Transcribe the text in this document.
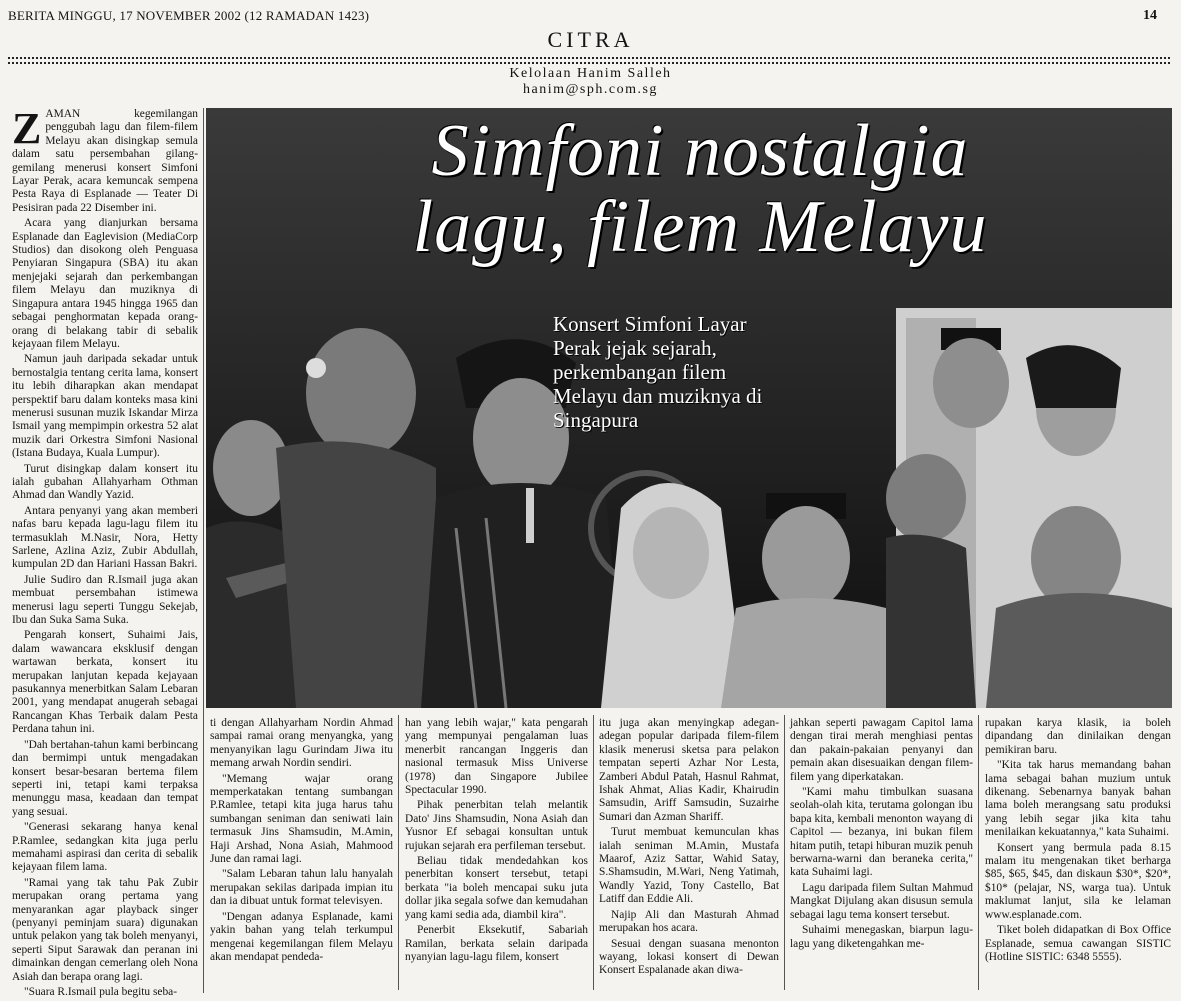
BERITA MINGGU, 17 NOVEMBER 2002 (12 RAMADAN 1423)	14
CITRA
Kelolaan Hanim Salleh
hanim@sph.com.sg
Simfoni nostalgia
lagu, filem Melayu
Konsert Simfoni Layar Perak jejak sejarah, perkembangan filem Melayu dan muziknya di Singapura

ZAMAN kegemilangan penggubah lagu dan filem-filem Melayu akan disingkap semula dalam satu persembahan gilang-gemilang menerusi konsert Simfoni Layar Perak, acara kemuncak sempena Pesta Raya di Esplanade — Teater Di Pesisiran pada 22 Disember ini.

Acara yang dianjurkan bersama Esplanade dan Eaglevision (MediaCorp Studios) dan disokong oleh Penguasa Penyiaran Singapura (SBA) itu akan menjejaki sejarah dan perkembangan filem Melayu dan muziknya di Singapura antara 1945 hingga 1965 dan sebagai penghormatan kepada orang-orang di belakang tabir di sebalik kejayaan filem Melayu.

Namun jauh daripada sekadar untuk bernostalgia tentang cerita lama, konsert itu lebih diharapkan akan mendapat perspektif baru dalam konteks masa kini menerusi susunan muzik Iskandar Mirza Ismail yang mempimpin orkestra 52 alat muzik dari Orkestra Simfoni Nasional (Istana Budaya, Kuala Lumpur).

Turut disingkap dalam konsert itu ialah gubahan Allahyarham Othman Ahmad dan Wandly Yazid.

Antara penyanyi yang akan memberi nafas baru kepada lagu-lagu filem itu termasuklah M.Nasir, Nora, Hetty Sarlene, Azlina Aziz, Zubir Abdullah, kumpulan 2D dan Hariani Hassan Bakri.

Julie Sudiro dan R.Ismail juga akan membuat persembahan istimewa menerusi lagu seperti Tunggu Sekejab, Ibu dan Suka Sama Suka.

Pengarah konsert, Suhaimi Jais, dalam wawancara eksklusif dengan wartawan berkata, konsert itu merupakan lanjutan kepada kejayaan pasukannya menerbitkan Salam Lebaran 2001, yang mendapat anugerah sebagai Rancangan Khas Terbaik dalam Pesta Perdana tahun ini.

"Dah bertahan-tahun kami berbincang dan bermimpi untuk mengadakan konsert besar-besaran bertema filem seperti ini, tetapi kami terpaksa menunggu masa, keadaan dan tempat yang sesuai.

"Generasi sekarang hanya kenal P.Ramlee, sedangkan kita juga perlu memahami aspirasi dan cerita di sebalik kejayaan filem lama.

"Ramai yang tak tahu Pak Zubir merupakan orang pertama yang menyarankan agar playback singer (penyanyi peminjam suara) digunakan untuk pelakon yang tak boleh menyanyi, seperti Siput Sarawak dan peranan ini dimainkan dengan cemerlang oleh Nona Asiah dan berapa orang lagi.

"Suara R.Ismail pula begitu seba-

ti dengan Allahyarham Nordin Ahmad sampai ramai orang menyangka, yang menyanyikan lagu Gurindam Jiwa itu memang arwah Nordin sendiri.

"Memang wajar orang memperkatakan tentang sumbangan P.Ramlee, tetapi kita juga harus tahu sumbangan seniman dan seniwati lain termasuk Jins Shamsudin, M.Amin, Haji Arshad, Nona Asiah, Mahmood June dan ramai lagi.

"Salam Lebaran tahun lalu hanyalah merupakan sekilas daripada impian itu dan ia dibuat untuk format televisyen.

"Dengan adanya Esplanade, kami yakin bahan yang telah terkumpul mengenai kegemilangan filem Melayu akan mendapat pendeda-

han yang lebih wajar," kata pengarah yang mempunyai pengalaman luas menerbit rancangan Inggeris dan nasional termasuk Miss Universe (1978) dan Singapore Jubilee Spectacular 1990.

Pihak penerbitan telah melantik Dato' Jins Shamsudin, Nona Asiah dan Yusnor Ef sebagai konsultan untuk rujukan sejarah era perfileman tersebut.

Beliau tidak mendedahkan kos penerbitan konsert tersebut, tetapi berkata "ia boleh mencapai suku juta dollar jika segala sofwe dan kemudahan yang kami sedia ada, diambil kira".

Penerbit Eksekutif, Sabariah Ramilan, berkata selain daripada nyanyian lagu-lagu filem, konsert

itu juga akan menyingkap adegan-adegan popular daripada filem-filem klasik menerusi sketsa para pelakon tempatan seperti Azhar Nor Lesta, Zamberi Abdul Patah, Hasnul Rahmat, Ishak Ahmat, Alias Kadir, Khairudin Samsudin, Ariff Samsudin, Suzairhe Sumari dan Azman Shariff.

Turut membuat kemunculan khas ialah seniman M.Amin, Mustafa Maarof, Aziz Sattar, Wahid Satay, S.Shamsudin, M.Wari, Neng Yatimah, Wandly Yazid, Tony Castello, Bat Latiff dan Eddie Ali.

Najip Ali dan Masturah Ahmad merupakan hos acara.

Sesuai dengan suasana menonton wayang, lokasi konsert di Dewan Konsert Espalanade akan diwa-

jahkan seperti pawagam Capitol lama dengan tirai merah menghiasi pentas dan pakain-pakaian penyanyi dan pemain akan disesuaikan dengan filem-filem yang diperkatakan.

"Kami mahu timbulkan suasana seolah-olah kita, terutama golongan ibu bapa kita, kembali menonton wayang di Capitol — bezanya, ini bukan filem hitam putih, tetapi hiburan muzik penuh berwarna-warni dan beraneka cerita," kata Suhaimi lagi.

Lagu daripada filem Sultan Mahmud Mangkat Dijulang akan disusun semula sebagai lagu tema konsert tersebut.

Suhaimi menegaskan, biarpun lagu-lagu yang diketengahkan me-

rupakan karya klasik, ia boleh dipandang dan dinilaikan dengan pemikiran baru.

"Kita tak harus memandang bahan lama sebagai bahan muzium untuk dikenang. Sebenarnya banyak bahan lama boleh merangsang satu produksi yang lebih segar jika kita tahu menilaikan kekuatannya," kata Suhaimi.

Konsert yang bermula pada 8.15 malam itu mengenakan tiket berharga $85, $65, $45, dan diskaun $30*, $20*, $10* (pelajar, NS, warga tua). Untuk maklumat lanjut, sila ke lelaman www.esplanade.com.

Tiket boleh didapatkan di Box Office Esplanade, semua cawangan SISTIC (Hotline SISTIC: 6348 5555).
